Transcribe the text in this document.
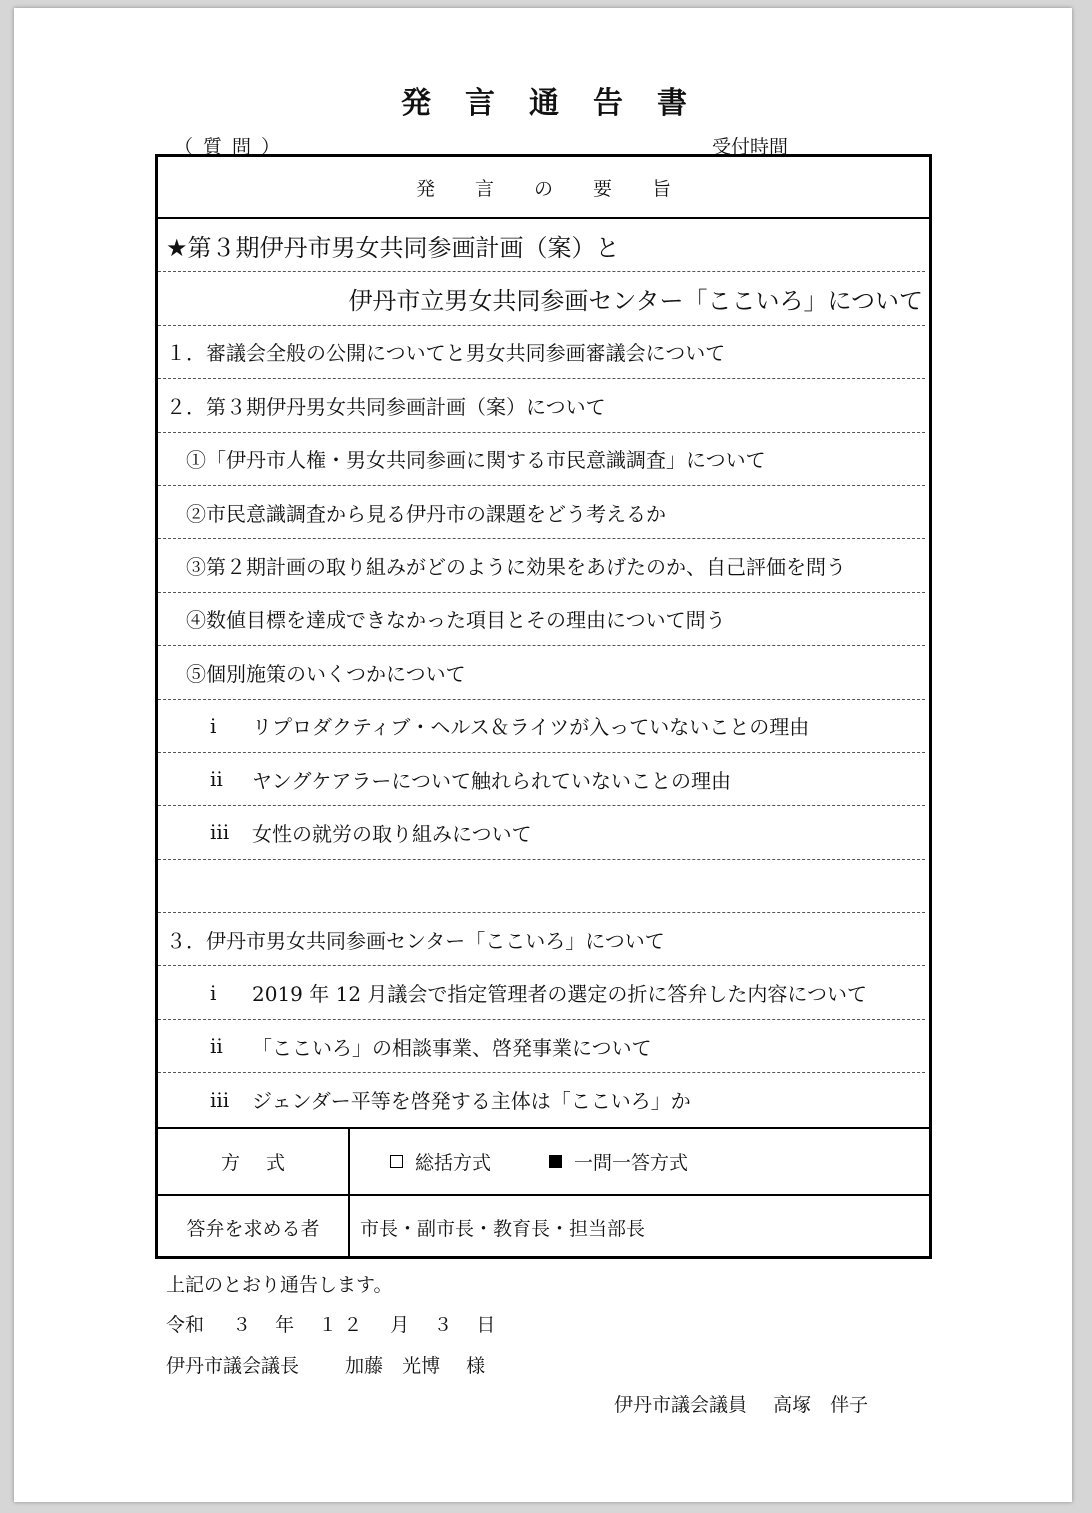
発言通告書
（質問）	受付時間
発言の要旨
★第３期伊丹市男女共同参画計画（案）と
伊丹市立男女共同参画センター「ここいろ」について
１．審議会全般の公開についてと男女共同参画審議会について
２．第３期伊丹男女共同参画計画（案）について
①「伊丹市人権・男女共同参画に関する市民意識調査」について
②市民意識調査から見る伊丹市の課題をどう考えるか
③第２期計画の取り組みがどのように効果をあげたのか、自己評価を問う
④数値目標を達成できなかった項目とその理由について問う
⑤個別施策のいくつかについて
ⅰ	リプロダクティブ・ヘルス＆ライツが入っていないことの理由
ⅱ	ヤングケアラーについて触れられていないことの理由
ⅲ	女性の就労の取り組みについて
３．伊丹市男女共同参画センター「ここいろ」について
ⅰ	2019 年 12 月議会で指定管理者の選定の折に答弁した内容について
ⅱ	「ここいろ」の相談事業、啓発事業について
ⅲ	ジェンダー平等を啓発する主体は「ここいろ」か
方式	総括方式	一問一答方式
答弁を求める者	市長・副市長・教育長・担当部長
上記のとおり通告します。
令和 ３ 年 １２ 月 ３ 日
伊丹市議会議長 加藤　光博 様
伊丹市議会議員 高塚　伴子
